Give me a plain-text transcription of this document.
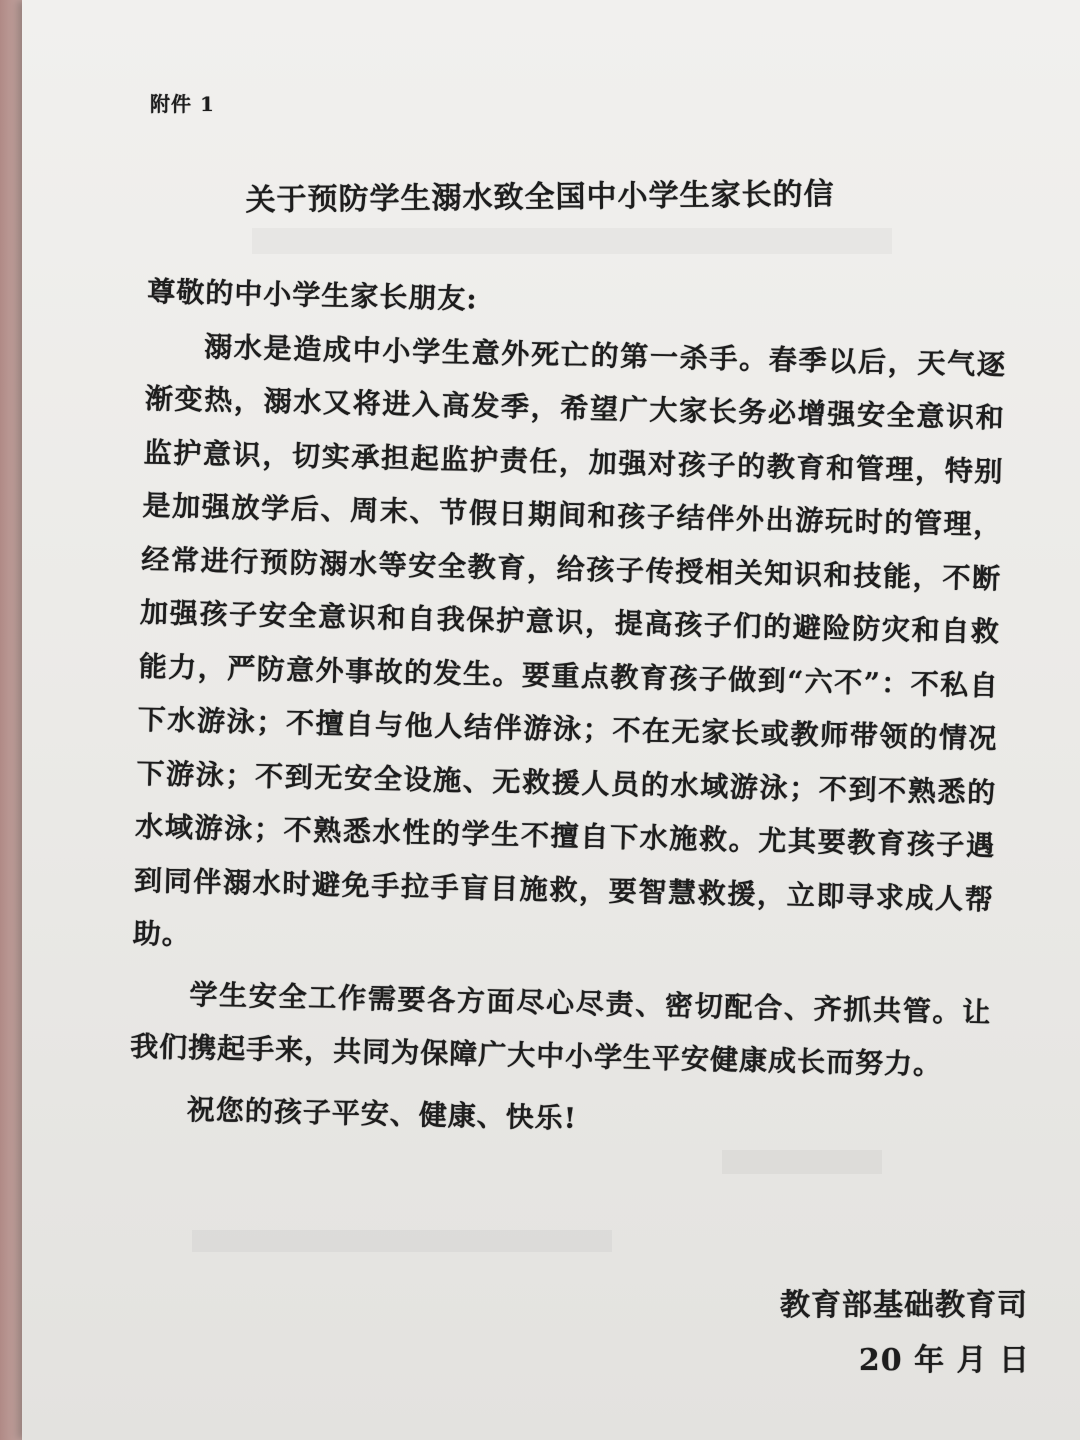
附件 1
关于预防学生溺水致全国中小学生家长的信

尊敬的中小学生家长朋友:

溺水是造成中小学生意外死亡的第一杀手。春季以后，天气逐渐变热，溺水又将进入高发季，希望广大家长务必增强安全意识和监护意识，切实承担起监护责任，加强对孩子的教育和管理，特别是加强放学后、周末、节假日期间和孩子结伴外出游玩时的管理，经常进行预防溺水等安全教育，给孩子传授相关知识和技能，不断加强孩子安全意识和自我保护意识，提高孩子们的避险防灾和自救能力，严防意外事故的发生。要重点教育孩子做到“六不”：不私自下水游泳；不擅自与他人结伴游泳；不在无家长或教师带领的情况下游泳；不到无安全设施、无救援人员的水域游泳；不到不熟悉的水域游泳；不熟悉水性的学生不擅自下水施救。尤其要教育孩子遇到同伴溺水时避免手拉手盲目施救，要智慧救援，立即寻求成人帮助。

学生安全工作需要各方面尽心尽责、密切配合、齐抓共管。让我们携起手来，共同为保障广大中小学生平安健康成长而努力。

祝您的孩子平安、健康、快乐!

教育部基础教育司
20 年 月 日
